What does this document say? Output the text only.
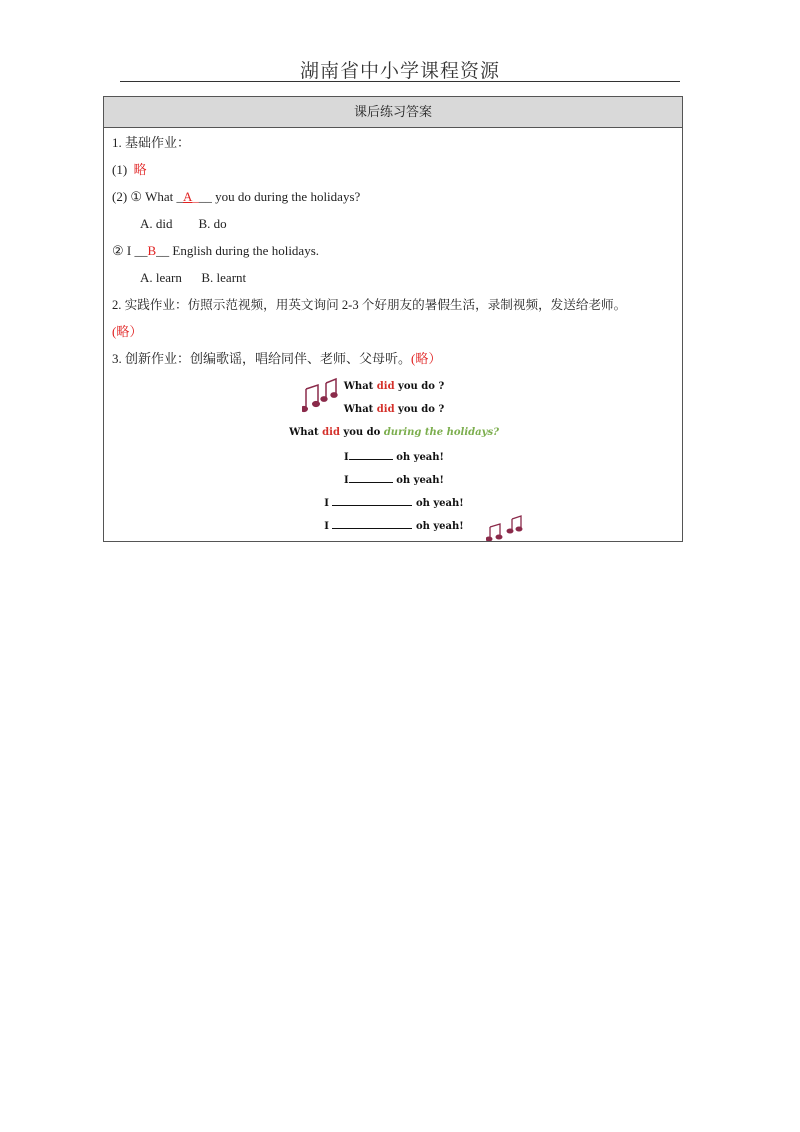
湖南省中小学课程资源
课后练习答案
1. 基础作业：
(1) 略
(2) ① What _A___ you do during the holidays?
A. did        B. do
② I __B__ English during the holidays.
A. learn      B. learnt
2. 实践作业：仿照示范视频，用英文询问 2-3 个好朋友的暑假生活，录制视频，发送给老师。
(略）
3. 创新作业：创编歌谣，唱给同伴、老师、父母听。(略）
What did you do ?
What did you do ?
What did you do during the holidays?
I	oh yeah!
I	oh yeah!
I	oh yeah!
I	oh yeah!
